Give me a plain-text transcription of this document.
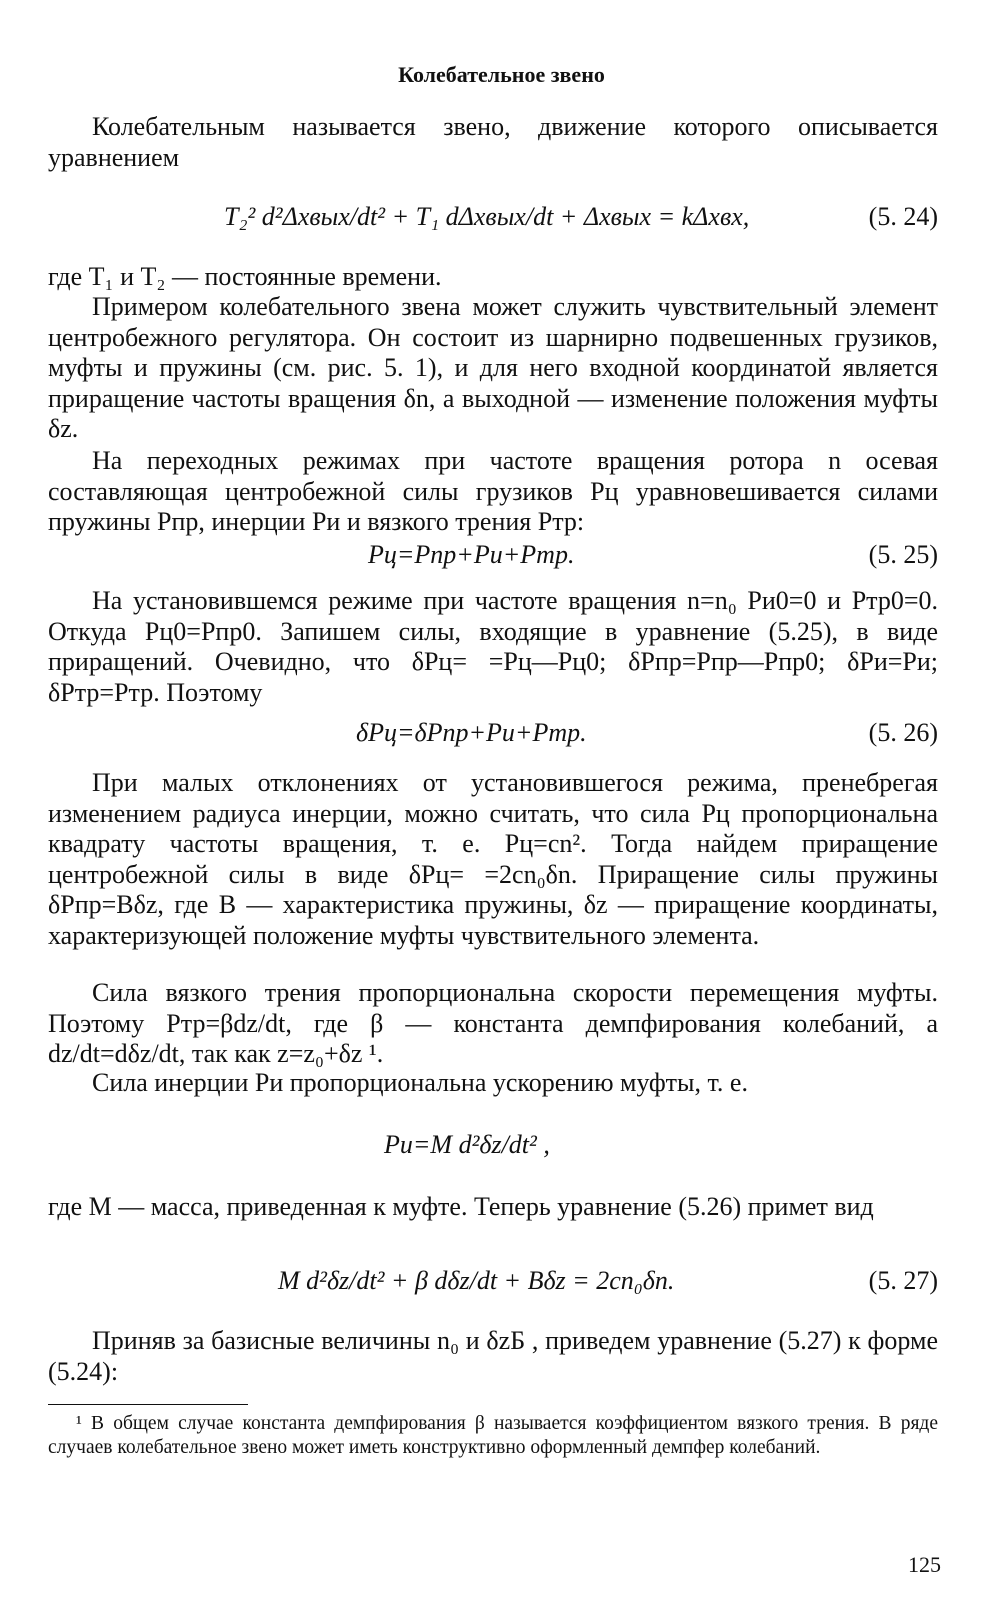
Колебательное звено
Колебательным называется звено, движение которого описывается уравнением
T₂² d²Δxвых/dt² + T₁ dΔxвых/dt + Δxвых = kΔxвх,	(5. 24)
где T₁ и T₂ — постоянные времени.
Примером колебательного звена может служить чувствительный элемент центробежного регулятора. Он состоит из шарнирно подвешенных грузиков, муфты и пружины (см. рис. 5. 1), и для него входной координатой является приращение частоты вращения δn, а выходной — изменение положения муфты δz.
На переходных режимах при частоте вращения ротора n осевая составляющая центробежной силы грузиков Pц уравновешивается силами пружины Pпр, инерции Pи и вязкого трения Pтр:
Pц=Pпр+Pи+Pтр.	(5. 25)
На установившемся режиме при частоте вращения n=n₀ Pи0=0 и Pтр0=0. Откуда Pц0=Pпр0. Запишем силы, входящие в уравнение (5.25), в виде приращений. Очевидно, что δPц= =Pц—Pц0; δPпр=Pпр—Pпр0; δPи=Pи; δPтр=Pтр. Поэтому
δPц=δPпр+Pи+Pтр.	(5. 26)
При малых отклонениях от установившегося режима, пренебрегая изменением радиуса инерции, можно считать, что сила Pц пропорциональна квадрату частоты вращения, т. е. Pц=cn². Тогда найдем приращение центробежной силы в виде δPц= =2cn₀δn. Приращение силы пружины δPпр=Bδz, где B — характеристика пружины, δz — приращение координаты, характеризующей положение муфты чувствительного элемента.
Сила вязкого трения пропорциональна скорости перемещения муфты. Поэтому Pтр=βdz/dt, где β — константа демпфирования колебаний, а dz/dt=dδz/dt, так как z=z₀+δz ¹.
Сила инерции Pи пропорциональна ускорению муфты, т. е.
Pи=M d²δz/dt² ,
где M — масса, приведенная к муфте. Теперь уравнение (5.26) примет вид
M d²δz/dt² + β dδz/dt + Bδz = 2cn₀δn.	(5. 27)
Приняв за базисные величины n₀ и δzБ , приведем уравнение (5.27) к форме (5.24):
¹ В общем случае константа демпфирования β называется коэффициентом вязкого трения. В ряде случаев колебательное звено может иметь конструктивно оформленный демпфер колебаний.
125
